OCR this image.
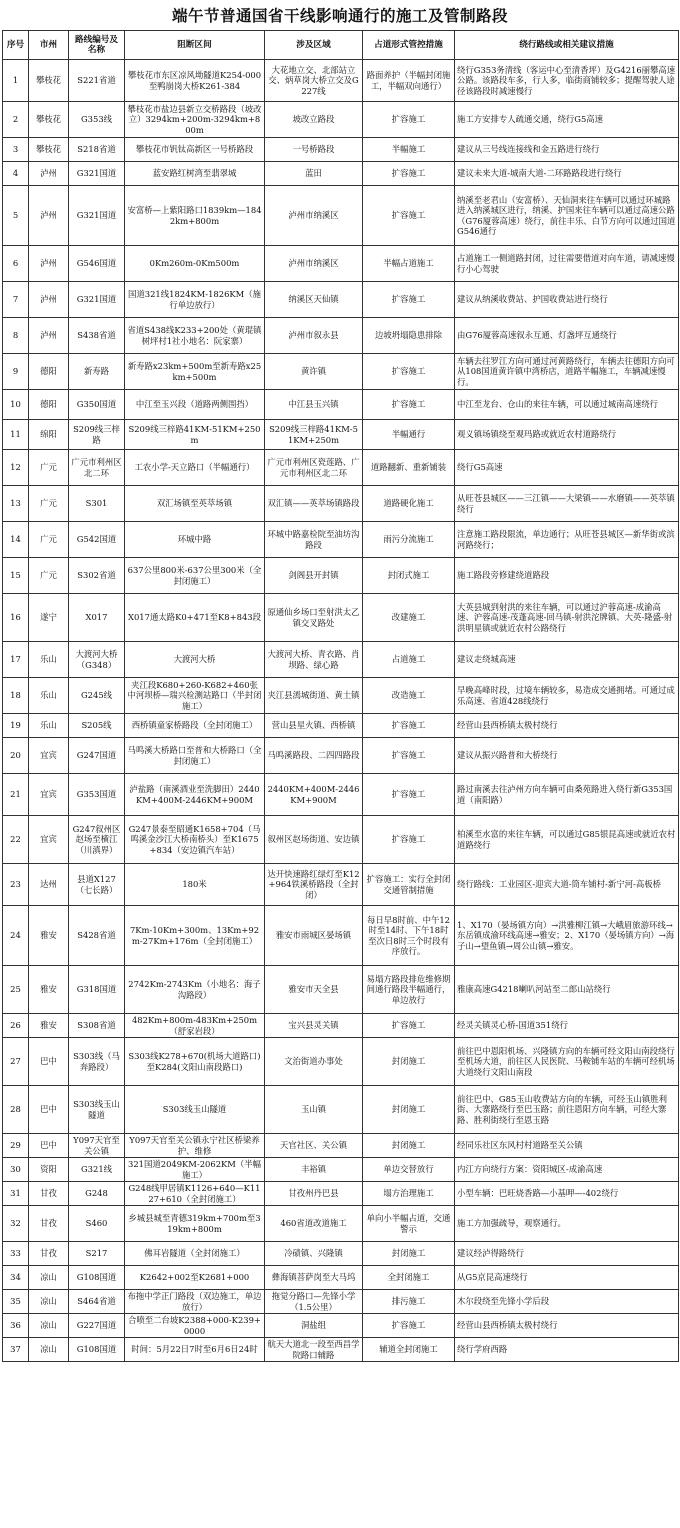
端午节普通国省干线影响通行的施工及管制路段
序号	市州	路线编号及名称	阻断区间	涉及区域	占道形式管控措施	绕行路线或相关建议措施
1	攀枝花	S221省道	攀枝花市东区凉风坳隧道K254-000至鸭崩岗大桥K261-384	大花地立交、北部站立交、炳草岗大桥立交及G227线	路面养护（半幅封闭施工，半幅双向通行）	绕行G353务清线（客运中心至清香坪）及G4216丽攀高速公路。该路段车多，行人多，临街商铺较多；提醒驾驶人途径该路段时减速慢行
2	攀枝花	G353线	攀枝花市盐边县新立交桥路段（坡改立）3294km+200m-3294km+800m	坡改立路段	扩容施工	施工方安排专人疏通交通，绕行G5高速
3	攀枝花	S218省道	攀枝花市钒钛高新区一号桥路段	一号桥路段	半幅施工	建议从三号线连接线和金五路进行绕行
4	泸州	G321国道	蓝安路红树湾至翡翠城	蓝田	扩容施工	建议未来大道-城南大道-二环路路段进行绕行
5	泸州	G321国道	安富桥—上紫阳路口1839km—1842km+800m	泸州市纳溪区	扩容施工	纳溪至老君山（安富桥）、天仙洞来往车辆可以通过环城路进入纳溪城区进行，纳溪、护国来往车辆可以通过高速公路（G76厦蓉高速）绕行，前往丰乐、白节方向可以通过国道G546通行
6	泸州	G546国道	0Km260m-0Km500m	泸州市纳溪区	半幅占道施工	占道施工一侧道路封闭，过往需要借道对向车道，请减速慢行小心驾驶
7	泸州	G321国道	国道321线1824KM-1826KM（施行单边放行）	纳溪区天仙镇	扩容施工	建议从纳溪收费站、护国收费站进行绕行
8	泸州	S438省道	省道S438线K233+200处（黄琨镇树坪村1社小地名：阮家寨）	泸州市叙永县	边坡坍塌隐患排除	由G76厦蓉高速叙永互通、灯盏坪互通绕行
9	德阳	新寿路	新寿路x23km+500m至新寿路x25km+500m	黄许镇	扩容施工	车辆去往罗江方向可通过河黄路绕行，车辆去往德阳方向可从108国道黄许镇中湾桥店，道路半幅施工，车辆减速慢行。
10	德阳	G350国道	中江至玉兴段（道路两侧围挡）	中江县玉兴镇	扩容施工	中江至龙台、仓山的来往车辆，可以通过城南高速绕行
11	绵阳	S209线三梓路	S209线三梓路41KM-51KM+250m	S209线三梓路41KM-51KM+250m	半幅通行	观义镇场镇绕至观玛路或就近农村道路绕行
12	广元	广元市利州区北二环	工农小学-天立路口（半幅通行）	广元市利州区瓷莲路、广元市利州区北二环	道路翻新、重新铺装	绕行G5高速
13	广元	S301	双汇场镇至英萃场镇	双汇镇——英萃场镇路段	道路硬化施工	从旺苍县城区——三江镇——大梁镇——水磨镇——英萃镇绕行
14	广元	G542国道	环城中路	环城中路嘉检院至油坊沟路段	雨污分流施工	注意施工路段限流，单边通行；从旺苍县城区—新华街或滨河路绕行；
15	广元	S302省道	637公里800米-637公里300米（全封闭施工）	剑阁县开封镇	封闭式施工	施工路段旁修建绕道路段
16	遂宁	X017	X017通太路K0+471至K8+843段	原通仙乡场口至射洪太乙镇交叉路处	改建施工	大英县城到射洪的来往车辆，可以通过沪蓉高速-成渝高速、沪蓉高速-茂蓬高速-回马镇-射洪沱牌镇、大英-隆盛-射洪明星镇或就近农村公路绕行
17	乐山	大渡河大桥（G348）	大渡河大桥	大渡河大桥、青衣路、肖坝路、绿心路	占道施工	建议走绕城高速
18	乐山	G245线	夹江段K680+260-K682+460张中河坝桥—瑞兴检测站路口（半封闭施工）	夹江县漹城街道、黄土镇	改造施工	早晚高峰时段，过境车辆较多，易造成交通拥堵。可通过成乐高速、省道428线绕行
19	乐山	S205线	西桥镇童家桥路段（全封闭施工）	营山县星火镇、西桥镇	扩容施工	经营山县西桥镇太极村绕行
20	宜宾	G247国道	马鸣溪大桥路口至普和大桥路口（全封闭施工）	马鸣溪路段、二四四路段	扩容施工	建议从振兴路普和大桥绕行
21	宜宾	G353国道	泸盐路（南溪酒业至洗脚田）2440KM+400M-2446KM+900M	2440KM+400M-2446KM+900M	扩容施工	路过南溪去往泸州方向车辆可由桑苑路进入绕行新G353国道（南阳路）
22	宜宾	G247叙州区赵场至横江（川滇界）	G247景泰至昭通K1658+704（马鸣溪金沙江大桥南桥头）至K1675+834（安边镇汽车站）	叙州区赵场街道、安边镇	扩容施工	柏溪至水富的来往车辆，可以通过G85银昆高速或就近农村道路绕行
23	达州	县道X127（七长路）	180米	达开快速路红绿灯至K12+964铁溪桥路段（全封闭）	扩容施工：实行全封闭交通管制措施	绕行路线：工业园区-迎宾大道-筒车铺村-新宁河-高板桥
24	雅安	S428省道	7Km-10Km+300m、13Km+92m-27Km+176m（全封闭施工）	雅安市雨城区晏场镇	每日早8时前、中午12时至14时、下午18时至次日8时三个时段有序放行。	1、X170（晏场镇方向）→洪雅柳江镇→大峨眉旅游环线→东岳镇成渝环线高速→雅安；2、X170（晏场镇方向）→海子山→望鱼镇→周公山镇→雅安。
25	雅安	G318国道	2742Km-2743Km（小地名：海子沟路段）	雅安市天全县	易塌方路段排危维修期间通行路段半幅通行，单边放行	雅康高速G4218喇叭河站至二郎山站绕行
26	雅安	S308省道	482Km+800m-483Km+250m（舒家岩段）	宝兴县灵关镇	扩容施工	经灵关镇灵心桥-国道351绕行
27	巴中	S303线（马奔路段）	S303线K278+670(机场大道路口)至K284(文阳山南段路口)	文治街道办事处	封闭施工	前往巴中恩阳机场、兴隆镇方向的车辆可经文阳山南段绕行至机场大道，前往区人民医院、马鞍铺车站的车辆可经机场大道绕行文阳山南段
28	巴中	S303线玉山隧道	S303线玉山隧道	玉山镇	封闭施工	前往巴中、G85玉山收费站方向的车辆，可经玉山镇胜利街、大寨路绕行至巴玉路；前往恩阳方向车辆，可经大寨路、胜利街绕行至恩玉路
29	巴中	Y097天官至关公镇	Y097天官至关公镇永宁社区桥梁养护、维修	天官社区、关公镇	封闭施工	经同乐社区东风村村道路至关公镇
30	资阳	G321线	321国道2049KM-2062KM（半幅施工）	丰裕镇	单边交替放行	内江方向绕行方案：资阳城区-成渝高速
31	甘孜	G248	G248线甲居镇K1126+640—K1127+610（全封闭施工）	甘孜州丹巴县	塌方治理施工	小型车辆：巴旺烧香路—小基呷—-402绕行
32	甘孜	S460	乡城县城至青德319km+700m至319km+800m	460省道改道施工	单向小半幅占道，交通警示	施工方加强疏导，观察通行。
33	甘孜	S217	佛耳岩隧道（全封闭施工）	冷碛镇、兴隆镇	封闭施工	建议经泸得路绕行
34	凉山	G108国道	K2642+002至K2681+000	彝海镇菩萨岗至大马坞	全封闭施工	从G5京昆高速绕行
35	凉山	S464省道	布拖中学正门路段（双边施工，单边放行）	拖觉分路口—先锋小学（1.5公里）	排污施工	木尔段绕至先锋小学后段
36	凉山	G227国道	合喷至二台坡K2388+000-K239+0000	洞盐组	扩容施工	经营山县西桥镇太极村绕行
37	凉山	G108国道	时间：5月22日7时至6月6日24时	航天大道北一段至西昌学院路口辅路	辅道全封闭施工	绕行学府西路
